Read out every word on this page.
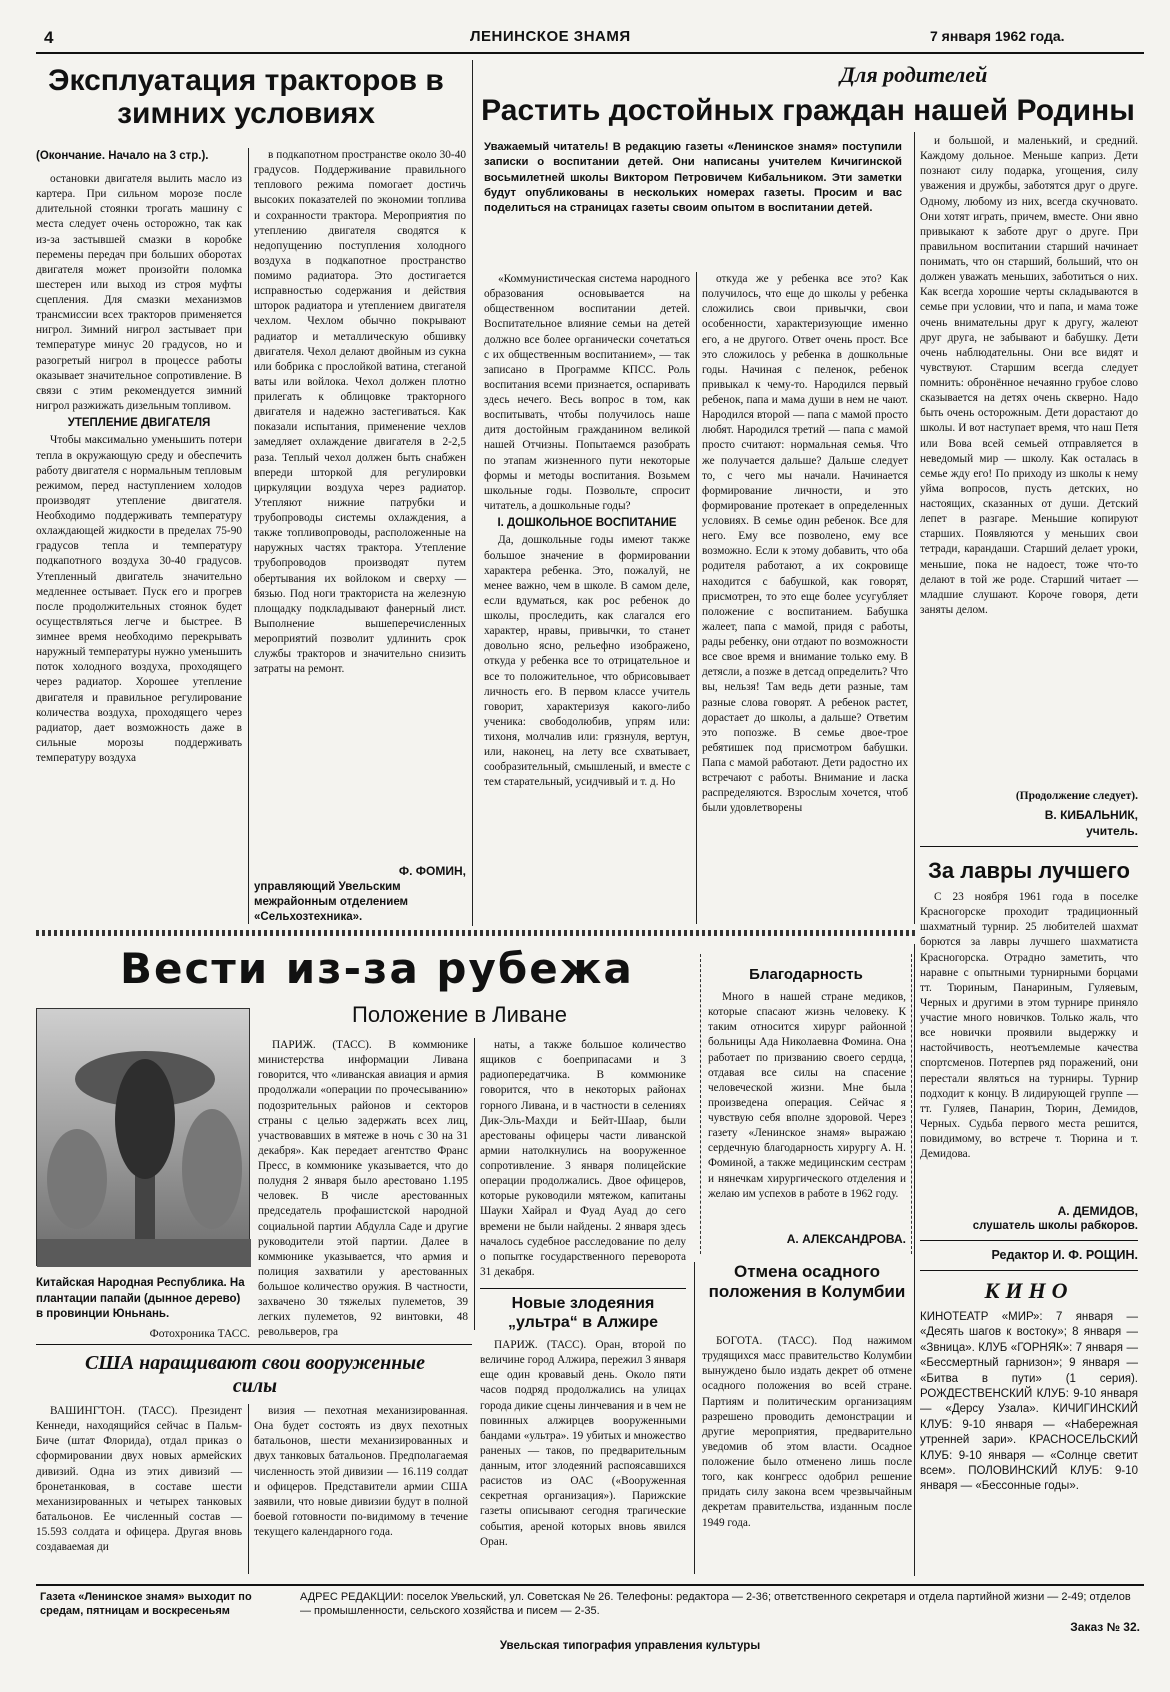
4	ЛЕНИНСКОЕ ЗНАМЯ	7 января 1962 года.
Эксплуатация тракторов в зимних условиях
(Окончание. Начало на 3 стр.).

остановки двигателя вылить масло из картера. При сильном морозе после длительной стоянки трогать машину с места следует очень осторожно, так как из-за застывшей смазки в коробке перемены передач при больших оборотах двигателя может произойти поломка шестерен или выход из строя муфты сцепления. Для смазки механизмов трансмиссии всех тракторов применяется нигрол. Зимний нигрол застывает при температуре минус 20 градусов, но и разогретый нигрол в процессе работы оказывает значительное сопротивление. В связи с этим рекомендуется зимний нигрол разжижать дизельным топливом.

УТЕПЛЕНИЕ ДВИГАТЕЛЯ

Чтобы максимально уменьшить потери тепла в окружающую среду и обеспечить работу двигателя с нормальным тепловым режимом, перед наступлением холодов производят утепление двигателя. Необходимо поддерживать температуру охлаждающей жидкости в пределах 75-90 градусов тепла и температуру подкапотного воздуха 30-40 градусов. Утепленный двигатель значительно медленнее остывает. Пуск его и прогрев после продолжительных стоянок будет осуществляться легче и быстрее. В зимнее время необходимо перекрывать наружный температуры нужно уменьшить поток холодного воздуха, проходящего через радиатор. Хорошее утепление двигателя и правильное регулирование количества воздуха, проходящего через радиатор, дает возможность даже в сильные морозы поддерживать температуру воздуха

в подкапотном пространстве около 30-40 градусов. Поддерживание правильного теплового режима помогает достичь высоких показателей по экономии топлива и сохранности трактора. Мероприятия по утеплению двигателя сводятся к недопущению поступления холодного воздуха в подкапотное пространство помимо радиатора. Это достигается исправностью содержания и действия шторок радиатора и утеплением двигателя чехлом. Чехлом обычно покрывают радиатор и металлическую обшивку двигателя. Чехол делают двойным из сукна или бобрика с прослойкой ватина, стеганой ваты или войлока. Чехол должен плотно прилегать к облицовке тракторного двигателя и надежно застегиваться. Как показали испытания, применение чехлов замедляет охлаждение двигателя в 2-2,5 раза. Теплый чехол должен быть снабжен впереди шторкой для регулировки циркуляции воздуха через радиатор. Утепляют нижние патрубки и трубопроводы системы охлаждения, а также топливопроводы, расположенные на наружных частях трактора. Утепление трубопроводов производят путем обертывания их войлоком и сверху — бязью. Под ноги тракториста на железную площадку подкладывают фанерный лист. Выполнение вышеперечисленных мероприятий позволит удлинить срок службы тракторов и значительно снизить затраты на ремонт.

Ф. ФОМИН,
управляющий Увельским межрайонным отделением «Сельхозтехника».
Для родителей
Растить достойных граждан нашей Родины
Уважаемый читатель! В редакцию газеты «Ленинское знамя» поступили записки о воспитании детей. Они написаны учителем Кичигинской восьмилетней школы Виктором Петровичем Кибальником. Эти заметки будут опубликованы в нескольких номерах газеты. Просим и вас поделиться на страницах газеты своим опытом в воспитании детей.

«Коммунистическая система народного образования основывается на общественном воспитании детей. Воспитательное влияние семьи на детей должно все более органически сочетаться с их общественным воспитанием», — так записано в Программе КПСС. Роль воспитания всеми признается, оспаривать здесь нечего. Весь вопрос в том, как воспитывать, чтобы получилось наше дитя достойным гражданином великой нашей Отчизны. Попытаемся разобрать по этапам жизненного пути некоторые формы и методы воспитания. Возьмем школьные годы. Позвольте, спросит читатель, а дошкольные годы?

I. ДОШКОЛЬНОЕ ВОСПИТАНИЕ

Да, дошкольные годы имеют также большое значение в формировании характера ребенка. Это, пожалуй, не менее важно, чем в школе. В самом деле, если вдуматься, как рос ребенок до школы, проследить, как слагался его характер, нравы, привычки, то станет довольно ясно, рельефно изображено, откуда у ребенка все то отрицательное и все то положительное, что обрисовывает личность его. В первом классе учитель говорит, характеризуя какого-либо ученика: свободолюбив, упрям или: тихоня, молчалив или: грязнуля, вертун, или, наконец, на лету все схватывает, сообразительный, смышленый, и вместе с тем старательный, усидчивый и т. д. Но

откуда же у ребенка все это? Как получилось, что еще до школы у ребенка сложились свои привычки, свои особенности, характеризующие именно его, а не другого. Ответ очень прост. Все это сложилось у ребенка в дошкольные годы. Начиная с пеленок, ребенок привыкал к чему-то. Народился первый ребенок, папа и мама души в нем не чают. Народился второй — папа с мамой просто любят. Народился третий — папа с мамой просто считают: нормальная семья. Что же получается дальше? Дальше следует то, с чего мы начали. Начинается формирование личности, и это формирование протекает в определенных условиях. В семье один ребенок. Все для него. Ему все позволено, ему все возможно. Если к этому добавить, что оба родителя работают, а их сокровище находится с бабушкой, как говорят, присмотрен, то это еще более усугубляет положение с воспитанием. Бабушка жалеет, папа с мамой, придя с работы, рады ребенку, они отдают по возможности все свое время и внимание только ему. В детясли, а позже в детсад определить? Что вы, нельзя! Там ведь дети разные, там разные слова говорят. А ребенок растет, дорастает до школы, а дальше? Ответим это попозже. В семье двое-трое ребятишек под присмотром бабушки. Папа с мамой работают. Дети радостно их встречают с работы. Внимание и ласка распределяются. Взрослым хочется, чтоб были удовлетворены

и большой, и маленький, и средний. Каждому дольное. Меньше каприз. Дети познают силу подарка, угощения, силу уважения и дружбы, заботятся друг о друге. Одному, любому из них, всегда скучновато. Они хотят играть, причем, вместе. Они явно привыкают к заботе друг о друге. При правильном воспитании старший начинает понимать, что он старший, больший, что он должен уважать меньших, заботиться о них. Как всегда хорошие черты складываются в семье при условии, что и папа, и мама тоже очень внимательны друг к другу, жалеют друг друга, не забывают и бабушку. Дети очень наблюдательны. Они все видят и чувствуют. Старшим всегда следует помнить: обронённое нечаянно грубое слово сказывается на детях очень скверно. Надо быть очень осторожным. Дети дорастают до школы. И вот наступает время, что наш Петя или Вова всей семьей отправляется в неведомый мир — школу. Как осталась в семье жду его! По приходу из школы к нему уйма вопросов, пусть детских, но настоящих, сказанных от души. Детский лепет в разгаре. Меньшие копируют старших. Появляются у меньших свои тетради, карандаши. Старший делает уроки, меньшие, пока не надоест, тоже что-то делают в той же роде. Старший читает — младшие слушают. Короче говоря, дети заняты делом.

(Продолжение следует).
В. КИБАЛЬНИК,
учитель.
За лавры лучшего

С 23 ноября 1961 года в поселке Красногорске проходит традиционный шахматный турнир. 25 любителей шахмат борются за лавры лучшего шахматиста Красногорска. Отрадно заметить, что наравне с опытными турнирными борцами тт. Тюриным, Панариным, Гуляевым, Черных и другими в этом турнире приняло участие много новичков. Только жаль, что все новички проявили выдержку и настойчивость, неотъемлемые качества спортсменов. Потерпев ряд поражений, они перестали являться на турниры. Турнир подходит к концу. В лидирующей группе — тт. Гуляев, Панарин, Тюрин, Демидов, Черных. Судьба первого места решится, повидимому, во встрече т. Тюрина и т. Демидова.

А. ДЕМИДОВ,
слушатель школы рабкоров.
Редактор И. Ф. РОЩИН.
КИНО

КИНОТЕАТР «МИР»: 7 января — «Десять шагов к востоку»; 8 января — «Звница». КЛУБ «ГОРНЯК»: 7 января — «Бессмертный гарнизон»; 9 января — «Битва в пути» (1 серия). РОЖДЕСТВЕНСКИЙ КЛУБ: 9-10 января — «Дерсу Узала». КИЧИГИНСКИЙ КЛУБ: 9-10 января — «Набережная утренней зари». КРАСНОСЕЛЬСКИЙ КЛУБ: 9-10 января — «Солнце светит всем». ПОЛОВИНСКИЙ КЛУБ: 9-10 января — «Бессонные годы».

Вести из-за рубежа
Положение в Ливане
Китайская Народная Республика. На плантации папайи (дынное дерево) в провинции Юньнань.
Фотохроника ТАСС.

ПАРИЖ. (ТАСС). В коммюнике министерства информации Ливана говорится, что «ливанская авиация и армия продолжали «операции по прочесыванию» подозрительных районов и секторов страны с целью задержать всех лиц, участвовавших в мятеже в ночь с 30 на 31 декабря». Как передает агентство Франс Пресс, в коммюнике указывается, что до полудня 2 января было арестовано 1.195 человек. В числе арестованных председатель профашистской народной социальной партии Абдулла Саде и другие руководители этой партии. Далее в коммюнике указывается, что армия и полиция захватили у арестованных большое количество оружия. В частности, захвачено 30 тяжелых пулеметов, 39 легких пулеметов, 92 винтовки, 48 револьверов, гра

наты, а также большое количество ящиков с боеприпасами и 3 радиопередатчика. В коммюнике говорится, что в некоторых районах горного Ливана, и в частности в селениях Дик-Эль-Махди и Бейт-Шаар, были арестованы офицеры части ливанской армии натолкнулись на вооруженное сопротивление. 3 января полицейские операции продолжались. Двое офицеров, которые руководили мятежом, капитаны Шауки Хайрал и Фуад Ауад до сего времени не были найдены. 2 января здесь началось судебное расследование по делу о попытке государственного переворота 31 декабря.

Новые злодеяния „ультра“ в Алжире

ПАРИЖ. (ТАСС). Оран, второй по величине город Алжира, пережил 3 января еще один кровавый день. Около пяти часов подряд продолжались на улицах города дикие сцены линчевания и в чем не повинных алжирцев вооруженными бандами «ультра». 19 убитых и множество раненых — таков, по предварительным данным, итог злодеяний распоясавшихся расистов из ОАС («Вооруженная секретная организация»). Парижские газеты описывают сегодня трагические события, ареной которых вновь явился Оран.

США наращивают свои вооруженные силы

ВАШИНГТОН. (ТАСС). Президент Кеннеди, находящийся сейчас в Пальм-Биче (штат Флорида), отдал приказ о сформировании двух новых армейских дивизий. Одна из этих дивизий — бронетанковая, в составе шести механизированных и четырех танковых батальонов. Ее численный состав — 15.593 солдата и офицера. Другая вновь создаваемая ди

визия — пехотная механизированная. Она будет состоять из двух пехотных батальонов, шести механизированных и двух танковых батальонов. Предполагаемая численность этой дивизии — 16.119 солдат и офицеров. Представители армии США заявили, что новые дивизии будут в полной боевой готовности по-видимому в течение текущего календарного года.

Благодарность

Много в нашей стране медиков, которые спасают жизнь человеку. К таким относится хирург районной больницы Ада Николаевна Фомина. Она работает по призванию своего сердца, отдавая все силы на спасение человеческой жизни. Мне была произведена операция. Сейчас я чувствую себя вполне здоровой. Через газету «Ленинское знамя» выражаю сердечную благодарность хирургу А. Н. Фоминой, а также медицинским сестрам и нянечкам хирургического отделения и желаю им успехов в работе в 1962 году.

А. АЛЕКСАНДРОВА.
Отмена осадного положения в Колумбии

БОГОТА. (ТАСС). Под нажимом трудящихся масс правительство Колумбии вынуждено было издать декрет об отмене осадного положения во всей стране. Партиям и политическим организациям разрешено проводить демонстрации и другие мероприятия, предварительно уведомив об этом власти. Осадное положение было отменено лишь после того, как конгресс одобрил решение придать силу закона всем чрезвычайным декретам правительства, изданным после 1949 года.

Газета «Ленинское знамя» выходит по средам, пятницам и воскресеньям
АДРЕС РЕДАКЦИИ: поселок Увельский, ул. Советская № 26. Телефоны: редактора — 2-36; ответственного секретаря и отдела партийной жизни — 2-49; отделов — промышленности, сельского хозяйства и писем — 2-35.
Заказ № 32.
Увельская типография управления культуры
